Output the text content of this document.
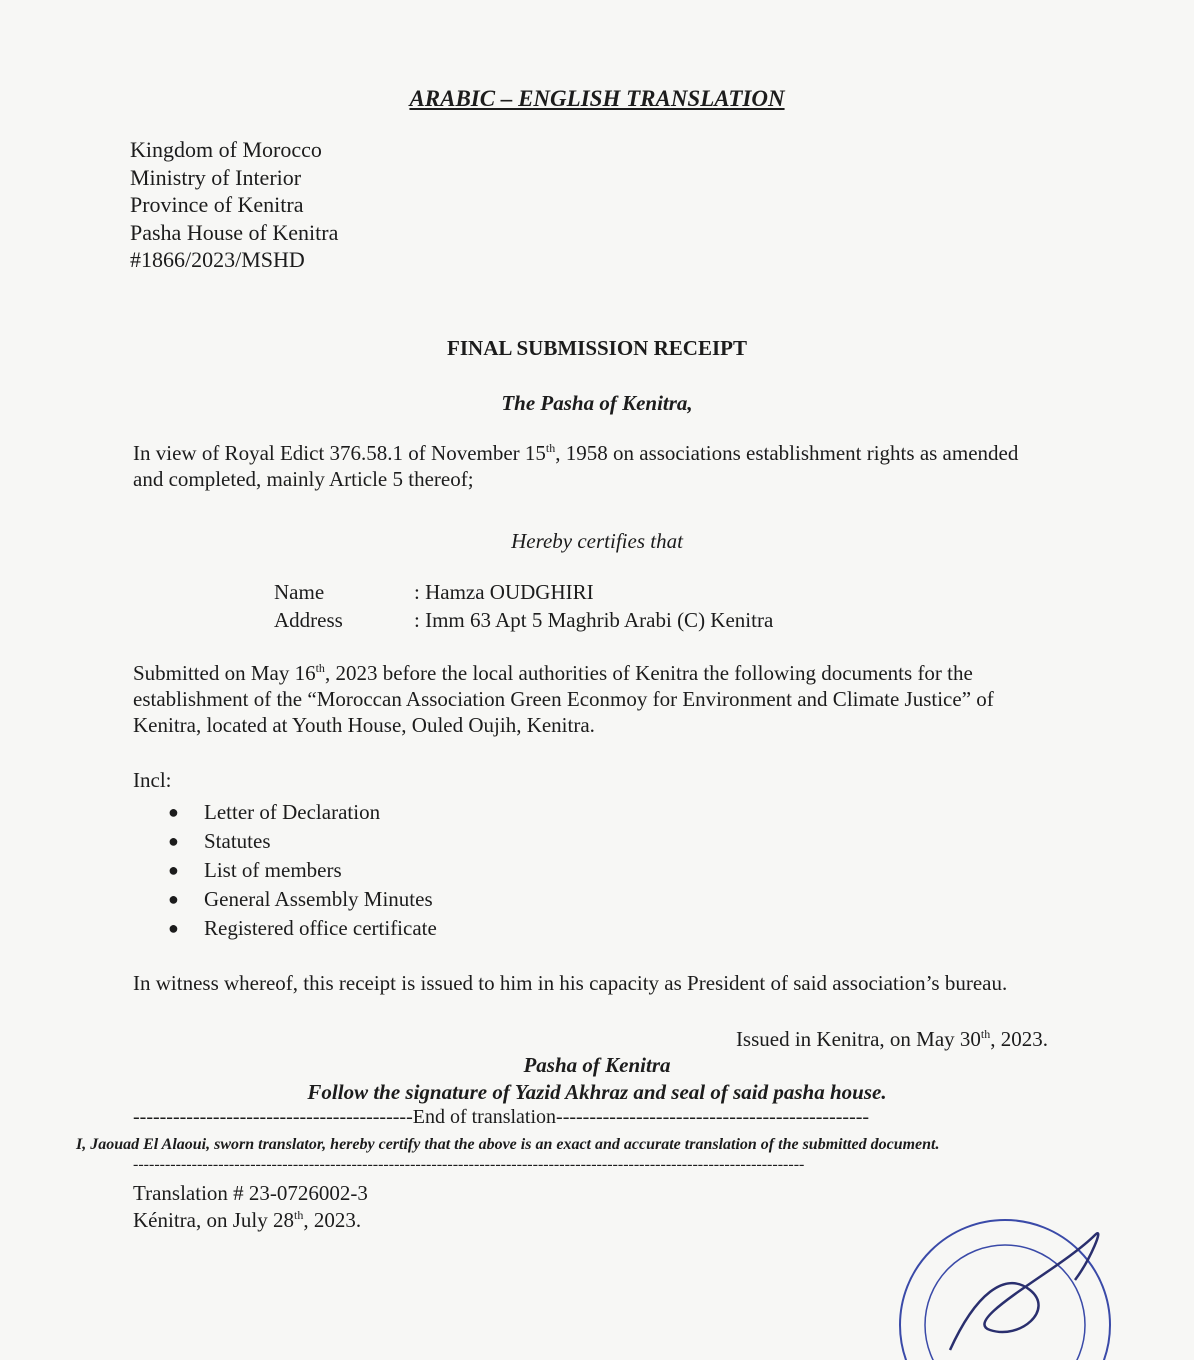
ARABIC – ENGLISH TRANSLATION
Kingdom of Morocco
Ministry of Interior
Province of Kenitra
Pasha House of Kenitra
#1866/2023/MSHD
FINAL SUBMISSION RECEIPT
The Pasha of Kenitra,
In view of Royal Edict 376.58.1 of November 15th, 1958 on associations establishment rights as amended and completed, mainly Article 5 thereof;
Hereby certifies that
Name	: Hamza OUDGHIRI
Address	: Imm 63 Apt 5 Maghrib Arabi (C) Kenitra
Submitted on May 16th, 2023 before the local authorities of Kenitra the following documents for the establishment of the “Moroccan Association Green Econmoy for Environment and Climate Justice” of Kenitra, located at Youth House, Ouled Oujih, Kenitra.
Incl:
●	Letter of Declaration
●	Statutes
●	List of members
●	General Assembly Minutes
●	Registered office certificate
In witness whereof, this receipt is issued to him in his capacity as President of said association’s bureau.
Issued in Kenitra, on May 30th, 2023.
Pasha of Kenitra
Follow the signature of Yazid Akhraz and seal of said pasha house.
------------------------------------------End of translation-----------------------------------------------
I, Jaouad El Alaoui, sworn translator, hereby certify that the above is an exact and accurate translation of the submitted document.
------------------------------------------------------------------------------------------------------------------------------
Translation # 23-0726002-3
Kénitra, on July 28th, 2023.
